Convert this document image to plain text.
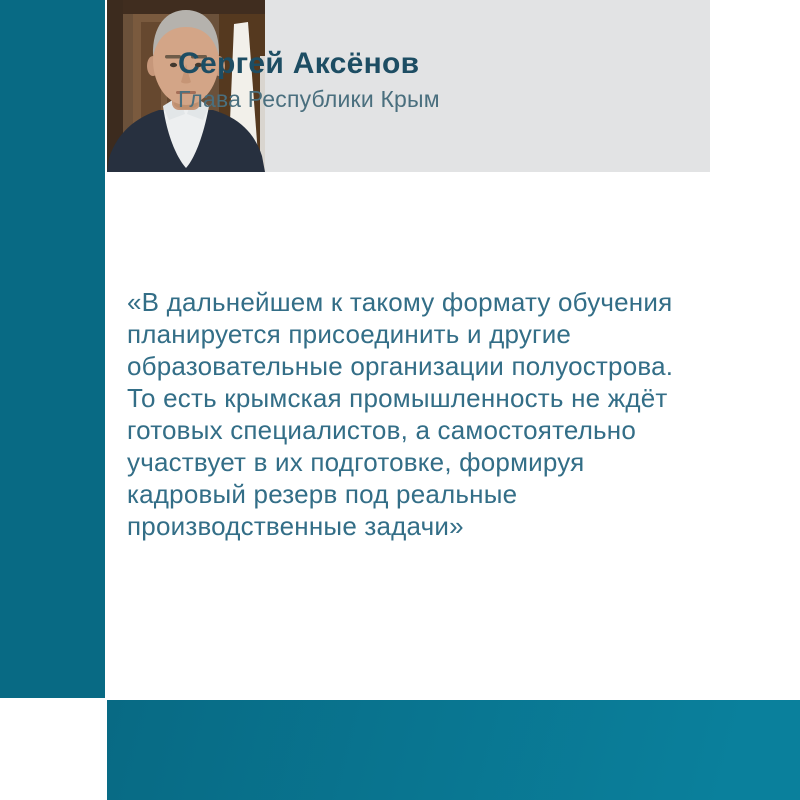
Сергей Аксёнов
Глава Республики Крым
«В дальнейшем к такому формату обучения
планируется присоединить и другие
образовательные организации полуострова.
То есть крымская промышленность не ждёт
готовых специалистов, а самостоятельно
участвует в их подготовке, формируя
кадровый резерв под реальные
производственные задачи»
